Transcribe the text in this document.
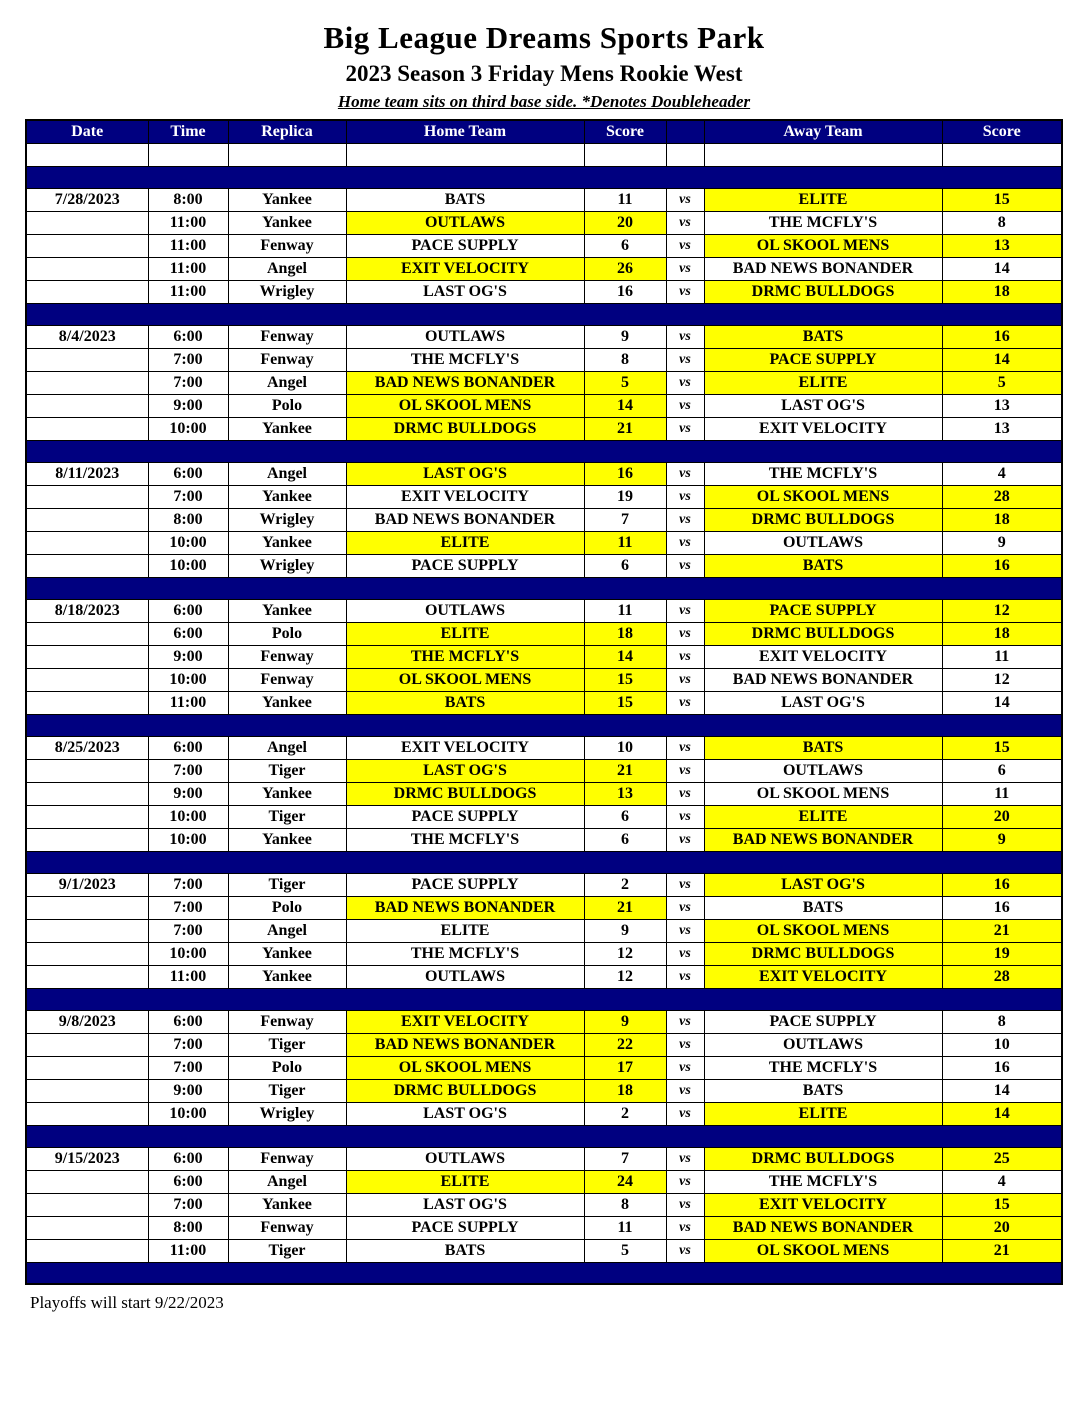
Big League Dreams Sports Park
2023 Season 3 Friday Mens Rookie West
Home team sits on third base side. *Denotes Doubleheader
Date	Time	Replica	Home Team	Score		Away Team	Score

7/28/2023	8:00	Yankee	BATS	11	vs	ELITE	15
	11:00	Yankee	OUTLAWS	20	vs	THE MCFLY'S	8
	11:00	Fenway	PACE SUPPLY	6	vs	OL SKOOL MENS	13
	11:00	Angel	EXIT VELOCITY	26	vs	BAD NEWS BONANDER	14
	11:00	Wrigley	LAST OG'S	16	vs	DRMC BULLDOGS	18

8/4/2023	6:00	Fenway	OUTLAWS	9	vs	BATS	16
	7:00	Fenway	THE MCFLY'S	8	vs	PACE SUPPLY	14
	7:00	Angel	BAD NEWS BONANDER	5	vs	ELITE	5
	9:00	Polo	OL SKOOL MENS	14	vs	LAST OG'S	13
	10:00	Yankee	DRMC BULLDOGS	21	vs	EXIT VELOCITY	13

8/11/2023	6:00	Angel	LAST OG'S	16	vs	THE MCFLY'S	4
	7:00	Yankee	EXIT VELOCITY	19	vs	OL SKOOL MENS	28
	8:00	Wrigley	BAD NEWS BONANDER	7	vs	DRMC BULLDOGS	18
	10:00	Yankee	ELITE	11	vs	OUTLAWS	9
	10:00	Wrigley	PACE SUPPLY	6	vs	BATS	16

8/18/2023	6:00	Yankee	OUTLAWS	11	vs	PACE SUPPLY	12
	6:00	Polo	ELITE	18	vs	DRMC BULLDOGS	18
	9:00	Fenway	THE MCFLY'S	14	vs	EXIT VELOCITY	11
	10:00	Fenway	OL SKOOL MENS	15	vs	BAD NEWS BONANDER	12
	11:00	Yankee	BATS	15	vs	LAST OG'S	14

8/25/2023	6:00	Angel	EXIT VELOCITY	10	vs	BATS	15
	7:00	Tiger	LAST OG'S	21	vs	OUTLAWS	6
	9:00	Yankee	DRMC BULLDOGS	13	vs	OL SKOOL MENS	11
	10:00	Tiger	PACE SUPPLY	6	vs	ELITE	20
	10:00	Yankee	THE MCFLY'S	6	vs	BAD NEWS BONANDER	9

9/1/2023	7:00	Tiger	PACE SUPPLY	2	vs	LAST OG'S	16
	7:00	Polo	BAD NEWS BONANDER	21	vs	BATS	16
	7:00	Angel	ELITE	9	vs	OL SKOOL MENS	21
	10:00	Yankee	THE MCFLY'S	12	vs	DRMC BULLDOGS	19
	11:00	Yankee	OUTLAWS	12	vs	EXIT VELOCITY	28

9/8/2023	6:00	Fenway	EXIT VELOCITY	9	vs	PACE SUPPLY	8
	7:00	Tiger	BAD NEWS BONANDER	22	vs	OUTLAWS	10
	7:00	Polo	OL SKOOL MENS	17	vs	THE MCFLY'S	16
	9:00	Tiger	DRMC BULLDOGS	18	vs	BATS	14
	10:00	Wrigley	LAST OG'S	2	vs	ELITE	14

9/15/2023	6:00	Fenway	OUTLAWS	7	vs	DRMC BULLDOGS	25
	6:00	Angel	ELITE	24	vs	THE MCFLY'S	4
	7:00	Yankee	LAST OG'S	8	vs	EXIT VELOCITY	15
	8:00	Fenway	PACE SUPPLY	11	vs	BAD NEWS BONANDER	20
	11:00	Tiger	BATS	5	vs	OL SKOOL MENS	21

Playoffs will start 9/22/2023
